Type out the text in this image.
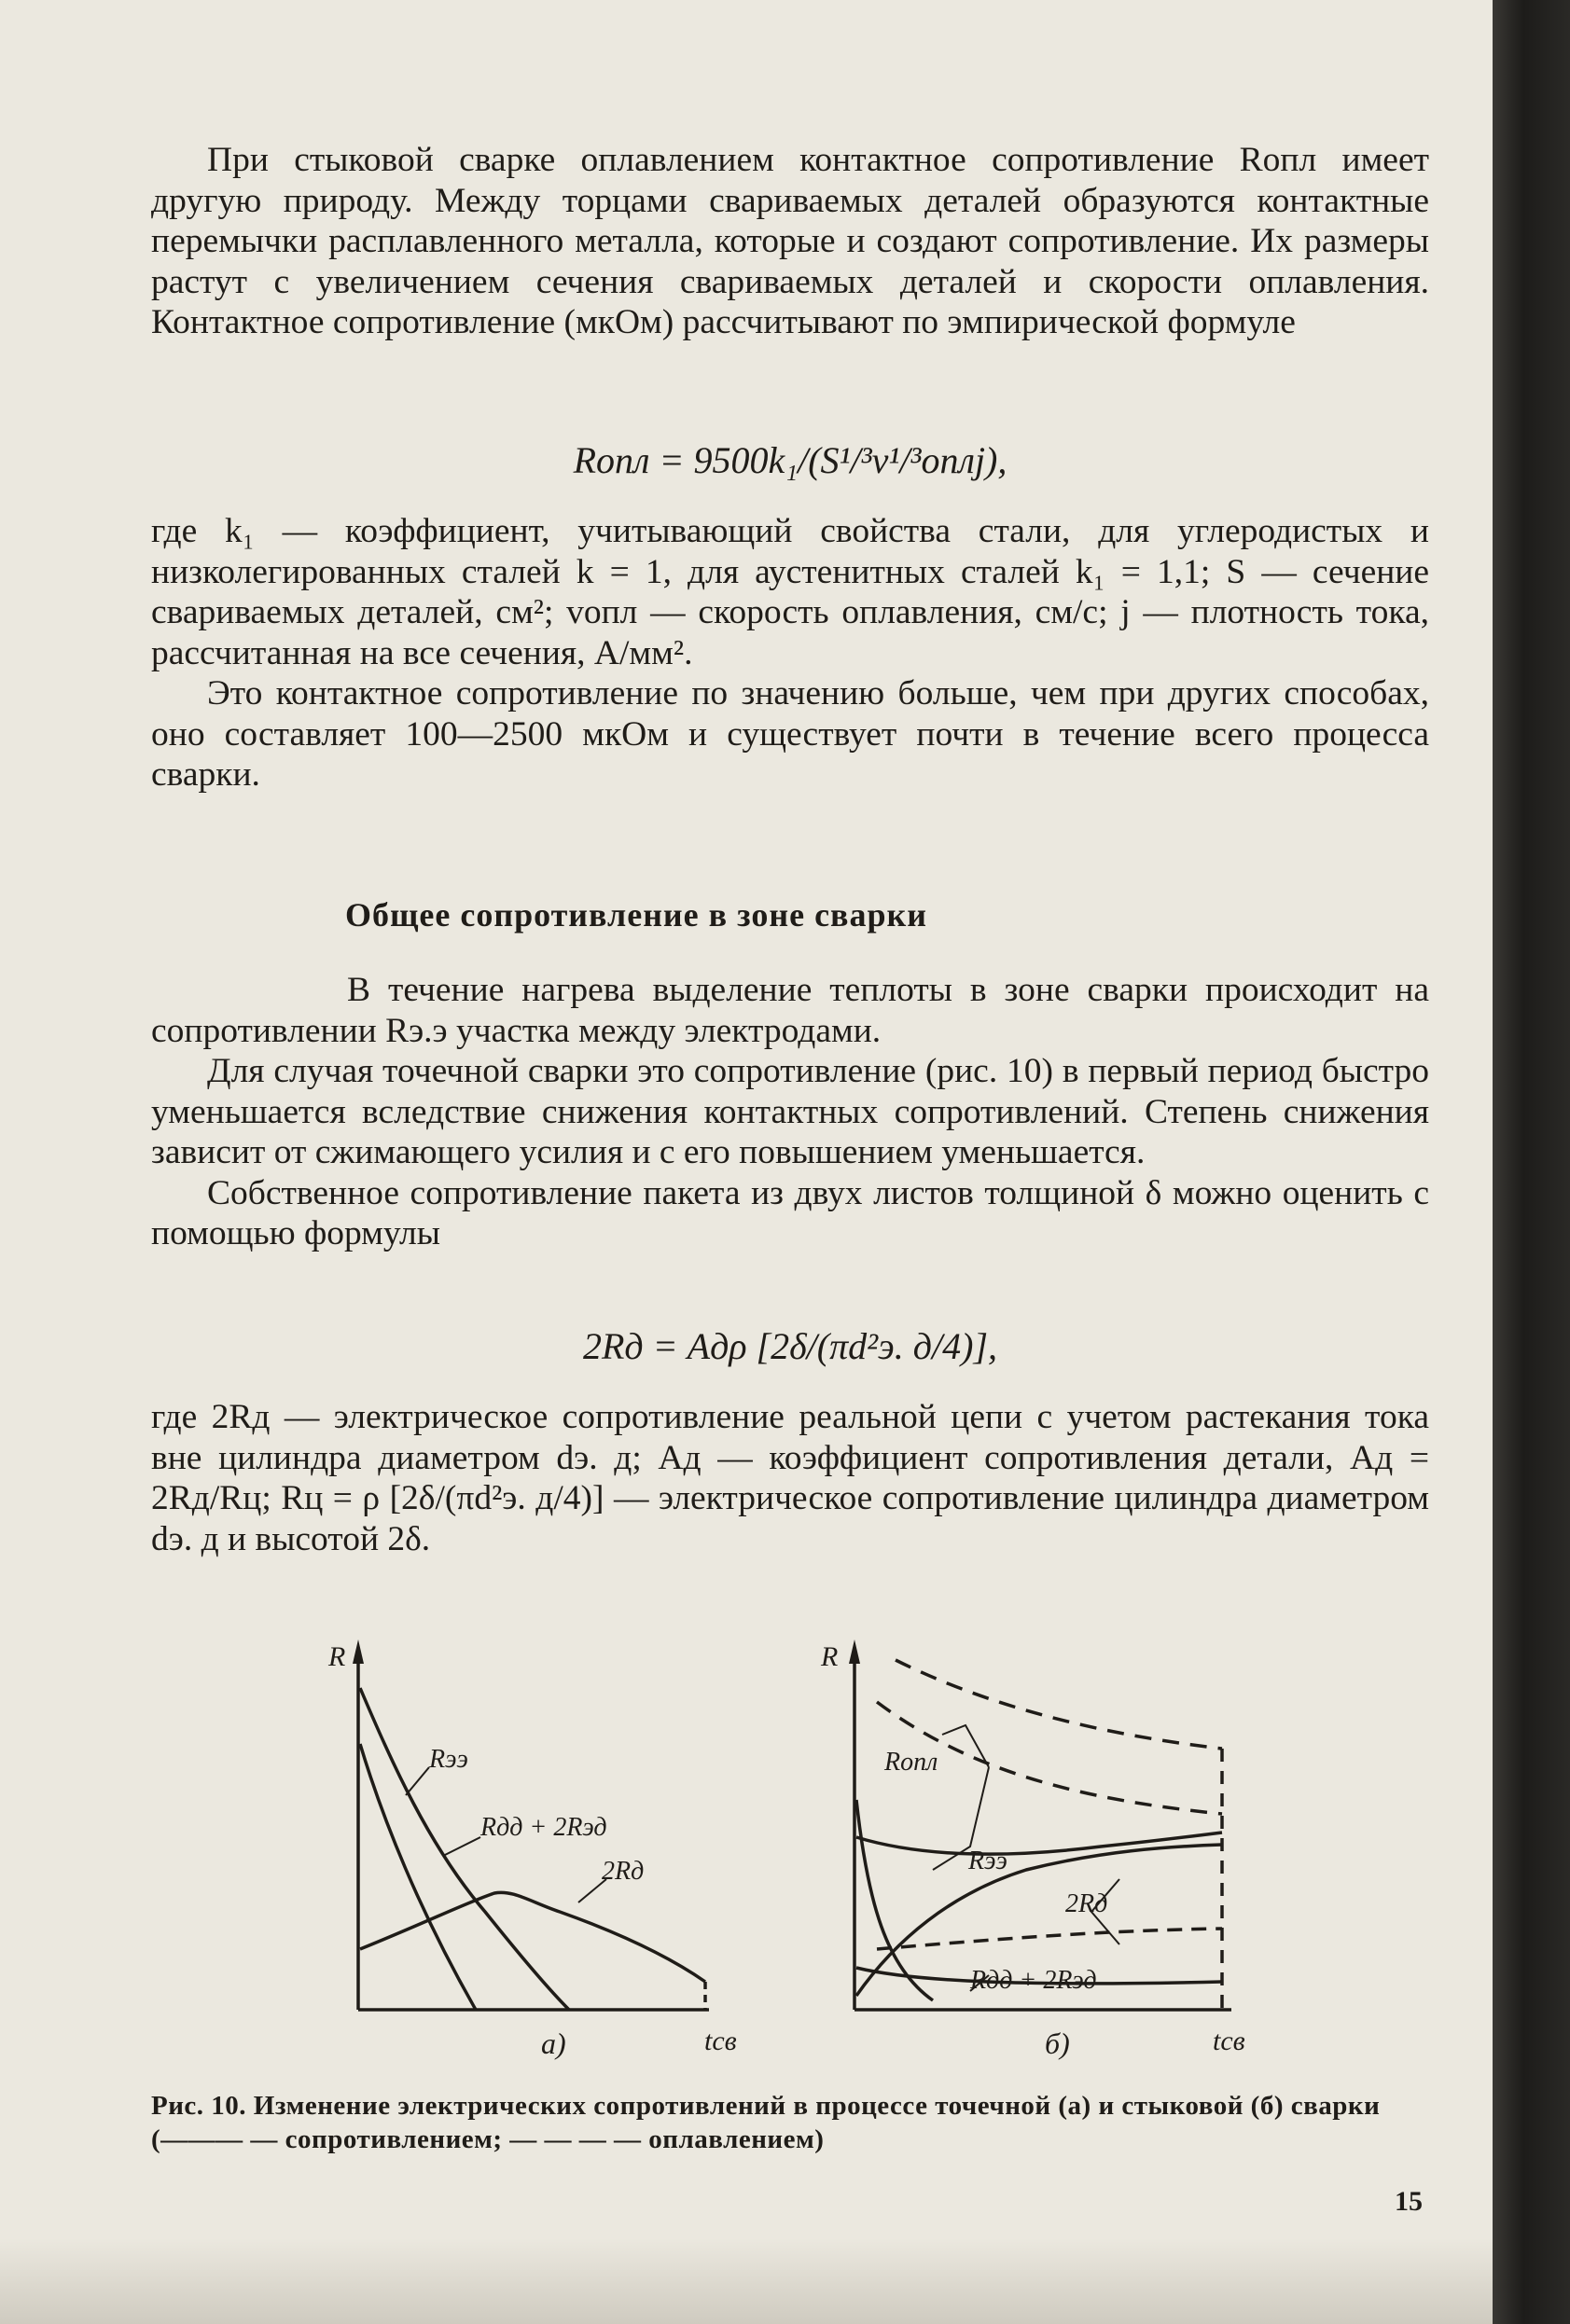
При стыковой сварке оплавлением контактное сопротивление Rопл имеет другую природу. Между торцами свариваемых деталей образуются контактные перемычки расплавленного металла, которые и создают сопротивление. Их размеры растут с увеличением сечения свариваемых деталей и скорости оплавления. Контактное сопротивление (мкОм) рассчитывают по эмпирической формуле

Rопл = 9500k₁/(S¹/³v¹/³оплj),

где k₁ — коэффициент, учитывающий свойства стали, для углеродистых и низколегированных сталей k = 1, для аустенитных сталей k₁ = 1,1; S — сечение свариваемых деталей, см²; vопл — скорость оплавления, см/с; j — плотность тока, рассчитанная на все сечения, А/мм².

Это контактное сопротивление по значению больше, чем при других способах, оно составляет 100—2500 мкОм и существует почти в течение всего процесса сварки.

Общее сопротивление в зоне сварки

В течение нагрева выделение теплоты в зоне сварки происходит на сопротивлении Rэ.э участка между электродами.

Для случая точечной сварки это сопротивление (рис. 10) в первый период быстро уменьшается вследствие снижения контактных сопротивлений. Степень снижения зависит от сжимающего усилия и с его повышением уменьшается.

Собственное сопротивление пакета из двух листов толщиной δ можно оценить с помощью формулы

2Rд = Aдρ [2δ/(πd²э. д/4)],

где 2Rд — электрическое сопротивление реальной цепи с учетом растекания тока вне цилиндра диаметром dэ. д; Aд — коэффициент сопротивления детали, Aд = 2Rд/Rц; Rц = ρ [2δ/(πd²э. д/4)] — электрическое сопротивление цилиндра диаметром dэ. д и высотой 2δ.

R
tсв
а)
Rээ
Rдд + 2Rэд
2Rд
R
tсв
б)
Rопл
Rээ
2Rд
Rдд + 2Rэд
Рис. 10. Изменение электрических сопротивлений в процессе точечной (а) и стыковой (б) сварки (——— — сопротивлением; — — — — оплавлением)
15
